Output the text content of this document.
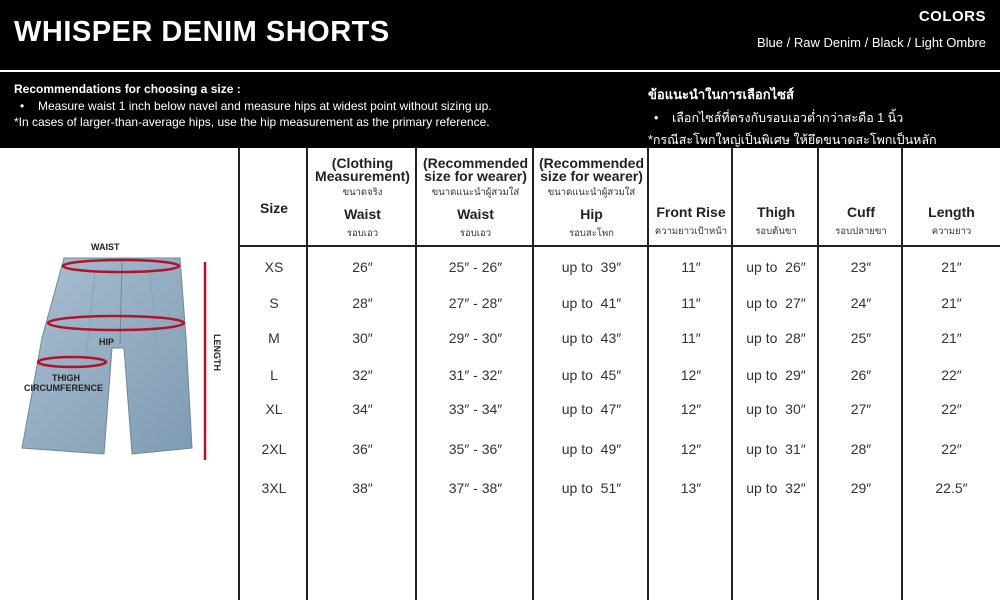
WHISPER DENIM SHORTS	COLORS
Blue / Raw Denim / Black / Light Ombre
Recommendations for choosing a size :
• Measure waist 1 inch below navel and measure hips at widest point without sizing up.
*In cases of larger-than-average hips, use the hip measurement as the primary reference.
ข้อแนะนำในการเลือกไซส์
• เลือกไซส์ที่ตรงกับรอบเอวต่ำกว่าสะดือ 1 นิ้ว
*กรณีสะโพกใหญ่เป็นพิเศษ ให้ยึดขนาดสะโพกเป็นหลัก
WAIST
HIP
THIGH
CIRCUMFERENCE
LENGTH
Size
(Clothing
Measurement)
ขนาดจริง
Waist
รอบเอว
(Recommended
size for wearer)
ขนาดแนะนำผู้สวมใส่
Waist
รอบเอว
(Recommended
size for wearer)
ขนาดแนะนำผู้สวมใส่
Hip
รอบสะโพก
Front Rise
ความยาวเป้าหน้า
Thigh
รอบต้นขา
Cuff
รอบปลายขา
Length
ความยาว
XS	26″	25″ - 26″	up to  39″	11″	up to  26″	23″	21″
S	28″	27″ - 28″	up to  41″	11″	up to  27″	24″	21″
M	30″	29″ - 30″	up to  43″	11″	up to  28″	25″	21″
L	32″	31″ - 32″	up to  45″	12″	up to  29″	26″	22″
XL	34″	33″ - 34″	up to  47″	12″	up to  30″	27″	22″
2XL	36″	35″ - 36″	up to  49″	12″	up to  31″	28″	22″
3XL	38″	37″ - 38″	up to  51″	13″	up to  32″	29″	22.5″
